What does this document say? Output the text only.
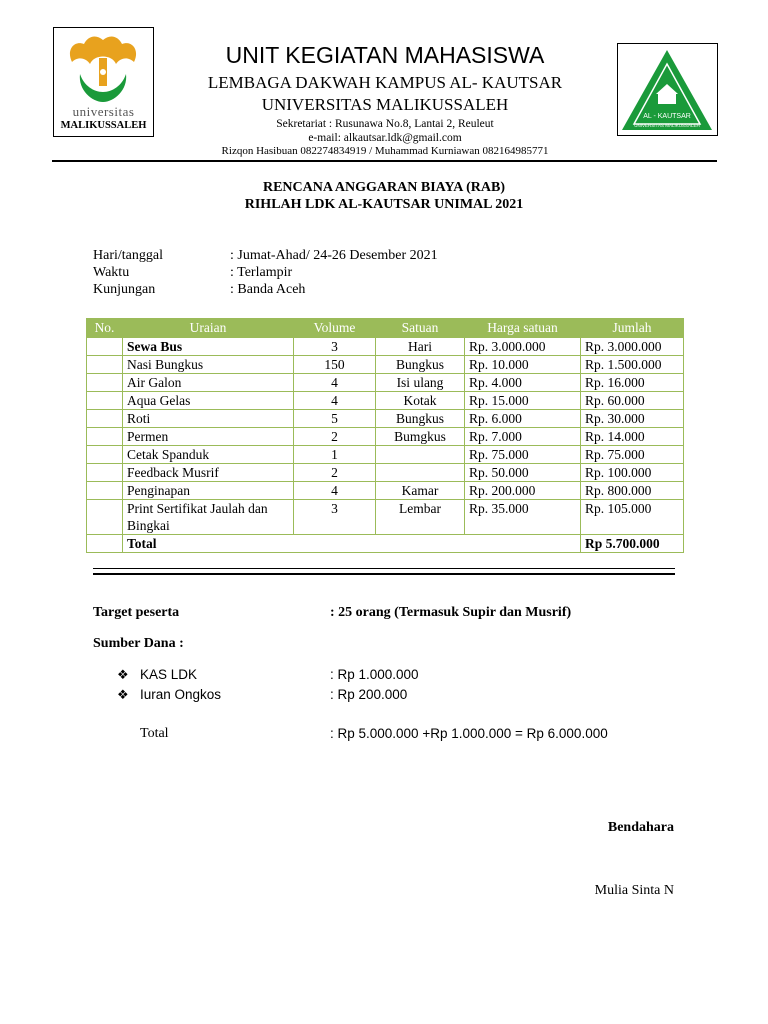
universitas
MALIKUSSALEH
AL - KAUTSAR
UNIVERSITAS MALIKUSSALEH
UNIT KEGIATAN MAHASISWA
LEMBAGA DAKWAH KAMPUS AL- KAUTSAR
UNIVERSITAS MALIKUSSALEH
Sekretariat : Rusunawa No.8, Lantai 2, Reuleut
e-mail: alkautsar.ldk@gmail.com
Rizqon Hasibuan 082274834919 / Muhammad Kurniawan 082164985771
RENCANA ANGGARAN BIAYA (RAB)
RIHLAH LDK AL-KAUTSAR UNIMAL 2021
Hari/tanggal	: Jumat-Ahad/ 24-26 Desember 2021
Waktu	: Terlampir
Kunjungan	: Banda Aceh
No.	Uraian	Volume	Satuan	Harga satuan	Jumlah
	Sewa Bus	3	Hari	Rp. 3.000.000	Rp. 3.000.000
	Nasi Bungkus	150	Bungkus	Rp. 10.000	Rp. 1.500.000
	Air Galon	4	Isi ulang	Rp. 4.000	Rp. 16.000
	Aqua Gelas	4	Kotak	Rp. 15.000	Rp. 60.000
	Roti	5	Bungkus	Rp. 6.000	Rp. 30.000
	Permen	2	Bumgkus	Rp. 7.000	Rp. 14.000
	Cetak Spanduk	1		Rp. 75.000	Rp. 75.000
	Feedback Musrif	2		Rp. 50.000	Rp. 100.000
	Penginapan	4	Kamar	Rp. 200.000	Rp. 800.000
	Print Sertifikat Jaulah dan Bingkai	3	Lembar	Rp. 35.000	Rp. 105.000
	Total				Rp 5.700.000
Target peserta	: 25 orang (Termasuk Supir dan Musrif)
Sumber Dana :
❖ KAS LDK	: Rp 1.000.000
❖ Iuran Ongkos	: Rp 200.000
Total	: Rp 5.000.000 +Rp 1.000.000 = Rp 6.000.000
Bendahara
Mulia Sinta N
